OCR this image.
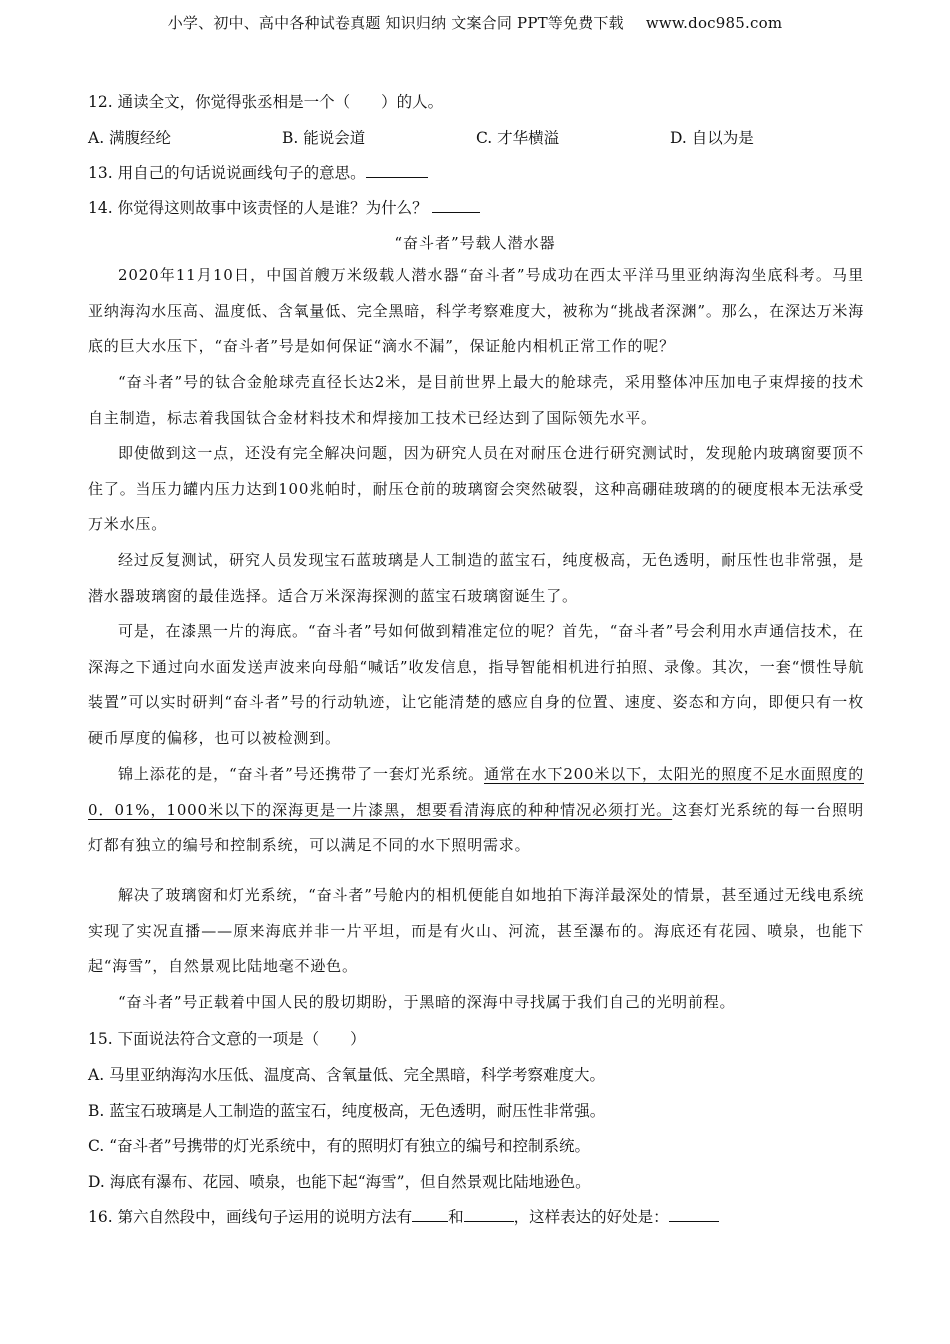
小学、初中、高中各种试卷真题 知识归纳 文案合同 PPT等免费下载 www.doc985.com
12. 通读全文，你觉得张丞相是一个（　　）的人。
A. 满腹经纶	B. 能说会道	C. 才华横溢	D. 自以为是
13. 用自己的句话说说画线句子的意思。
14. 你觉得这则故事中该责怪的人是谁？为什么？
“奋斗者”号载人潜水器
2020年11月10日，中国首艘万米级载人潜水器“奋斗者”号成功在西太平洋马里亚纳海沟坐底科考。马里亚纳海沟水压高、温度低、含氧量低、完全黑暗，科学考察难度大，被称为“挑战者深渊”。那么，在深达万米海底的巨大水压下，“奋斗者”号是如何保证“滴水不漏”，保证舱内相机正常工作的呢？
“奋斗者”号的钛合金舱球壳直径长达2米，是目前世界上最大的舱球壳，采用整体冲压加电子束焊接的技术自主制造，标志着我国钛合金材料技术和焊接加工技术已经达到了国际领先水平。
即使做到这一点，还没有完全解决问题，因为研究人员在对耐压仓进行研究测试时，发现舱内玻璃窗要顶不住了。当压力罐内压力达到100兆帕时，耐压仓前的玻璃窗会突然破裂，这种高硼硅玻璃的的硬度根本无法承受万米水压。
经过反复测试，研究人员发现宝石蓝玻璃是人工制造的蓝宝石，纯度极高，无色透明，耐压性也非常强，是潜水器玻璃窗的最佳选择。适合万米深海探测的蓝宝石玻璃窗诞生了。
可是，在漆黑一片的海底。“奋斗者”号如何做到精准定位的呢？首先，“奋斗者”号会利用水声通信技术，在深海之下通过向水面发送声波来向母船“喊话”收发信息，指导智能相机进行拍照、录像。其次，一套“惯性导航装置”可以实时研判“奋斗者”号的行动轨迹，让它能清楚的感应自身的位置、速度、姿态和方向，即便只有一枚硬币厚度的偏移，也可以被检测到。
锦上添花的是，“奋斗者”号还携带了一套灯光系统。通常在水下200米以下，太阳光的照度不足水面照度的0．01%，1000米以下的深海更是一片漆黑，想要看清海底的种种情况必须打光。这套灯光系统的每一台照明灯都有独立的编号和控制系统，可以满足不同的水下照明需求。
解决了玻璃窗和灯光系统，“奋斗者”号舱内的相机便能自如地拍下海洋最深处的情景，甚至通过无线电系统实现了实况直播——原来海底并非一片平坦，而是有火山、河流，甚至瀑布的。海底还有花园、喷泉，也能下起“海雪”，自然景观比陆地毫不逊色。
“奋斗者”号正载着中国人民的殷切期盼，于黑暗的深海中寻找属于我们自己的光明前程。
15. 下面说法符合文意的一项是（　　）
A. 马里亚纳海沟水压低、温度高、含氧量低、完全黑暗，科学考察难度大。
B. 蓝宝石玻璃是人工制造的蓝宝石，纯度极高，无色透明，耐压性非常强。
C. “奋斗者”号携带的灯光系统中，有的照明灯有独立的编号和控制系统。
D. 海底有瀑布、花园、喷泉，也能下起“海雪”，但自然景观比陆地逊色。
16. 第六自然段中，画线句子运用的说明方法有 和	，这样表达的好处是：
